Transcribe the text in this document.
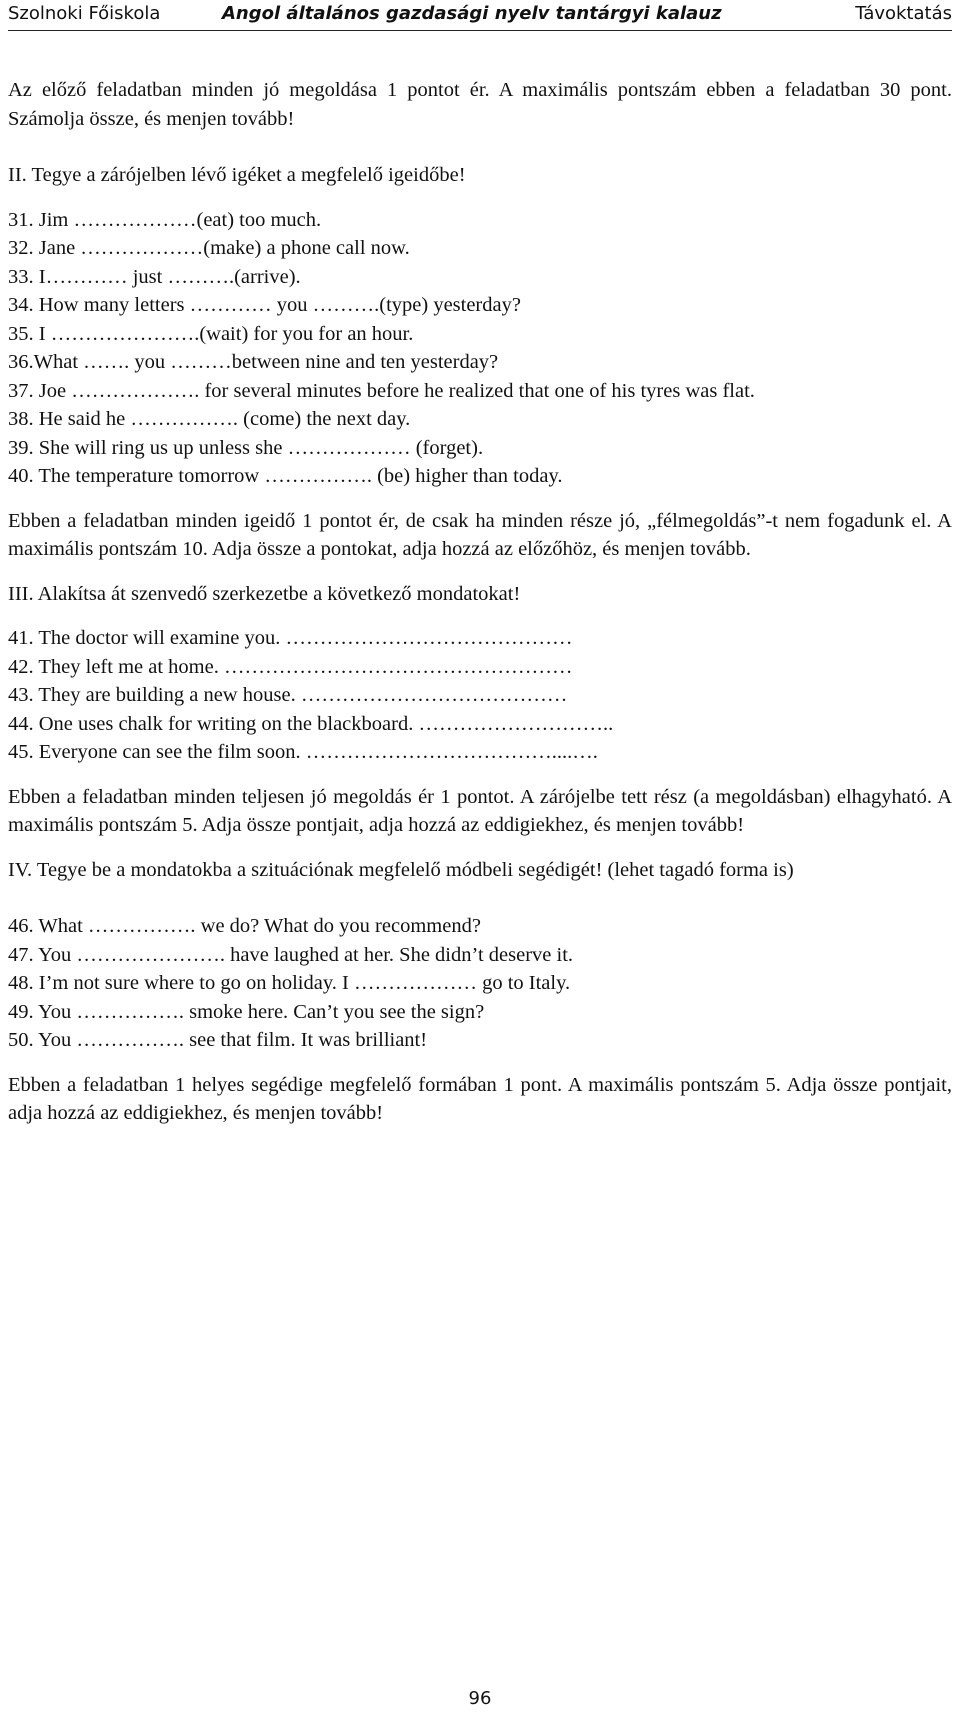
Szolnoki Főiskola	Angol általános gazdasági nyelv tantárgyi kalauz	Távoktatás

Az előző feladatban minden jó megoldása 1 pontot ér. A maximális pontszám ebben a feladatban 30 pont. Számolja össze, és menjen tovább!

II. Tegye a zárójelben lévő igéket a megfelelő igeidőbe!

31. Jim ………………(eat) too much.

32. Jane ………………(make) a phone call now.

33. I………… just ……….(arrive).

34. How many letters ………… you ……….(type) yesterday?

35. I ………………….(wait) for you for an hour.

36.What ……. you ………between nine and ten yesterday?

37. Joe ………………. for several minutes before he realized that one of his tyres was flat.

38. He said he ……………. (come) the next day.

39. She will ring us up unless she ……………… (forget).

40. The temperature tomorrow ……………. (be) higher than today.

Ebben a feladatban minden igeidő 1 pontot ér, de csak ha minden része jó, „félmegoldás”-t nem fogadunk el. A maximális pontszám 10. Adja össze a pontokat, adja hozzá az előzőhöz, és menjen tovább.

III. Alakítsa át szenvedő szerkezetbe a következő mondatokat!

41. The doctor will examine you. ……………………………………

42. They left me at home. ……………………………………………

43. They are building a new house. …………………………………

44. One uses chalk for writing on the blackboard. ………………………..

45. Everyone can see the film soon. ………………………………....….

Ebben a feladatban minden teljesen jó megoldás ér 1 pontot. A zárójelbe tett rész (a megoldásban) elhagyható. A maximális pontszám 5. Adja össze pontjait, adja hozzá az eddigiekhez, és menjen tovább!

IV. Tegye be a mondatokba a szituációnak megfelelő módbeli segédigét! (lehet tagadó forma is)

46. What ……………. we do? What do you recommend?

47. You …………………. have laughed at her. She didn’t deserve it.

48. I’m not sure where to go on holiday. I ……………… go to Italy.

49. You ……………. smoke here. Can’t you see the sign?

50. You ……………. see that film. It was brilliant!

Ebben a feladatban 1 helyes segédige megfelelő formában 1 pont. A maximális pontszám 5. Adja össze pontjait, adja hozzá az eddigiekhez, és menjen tovább!

96
